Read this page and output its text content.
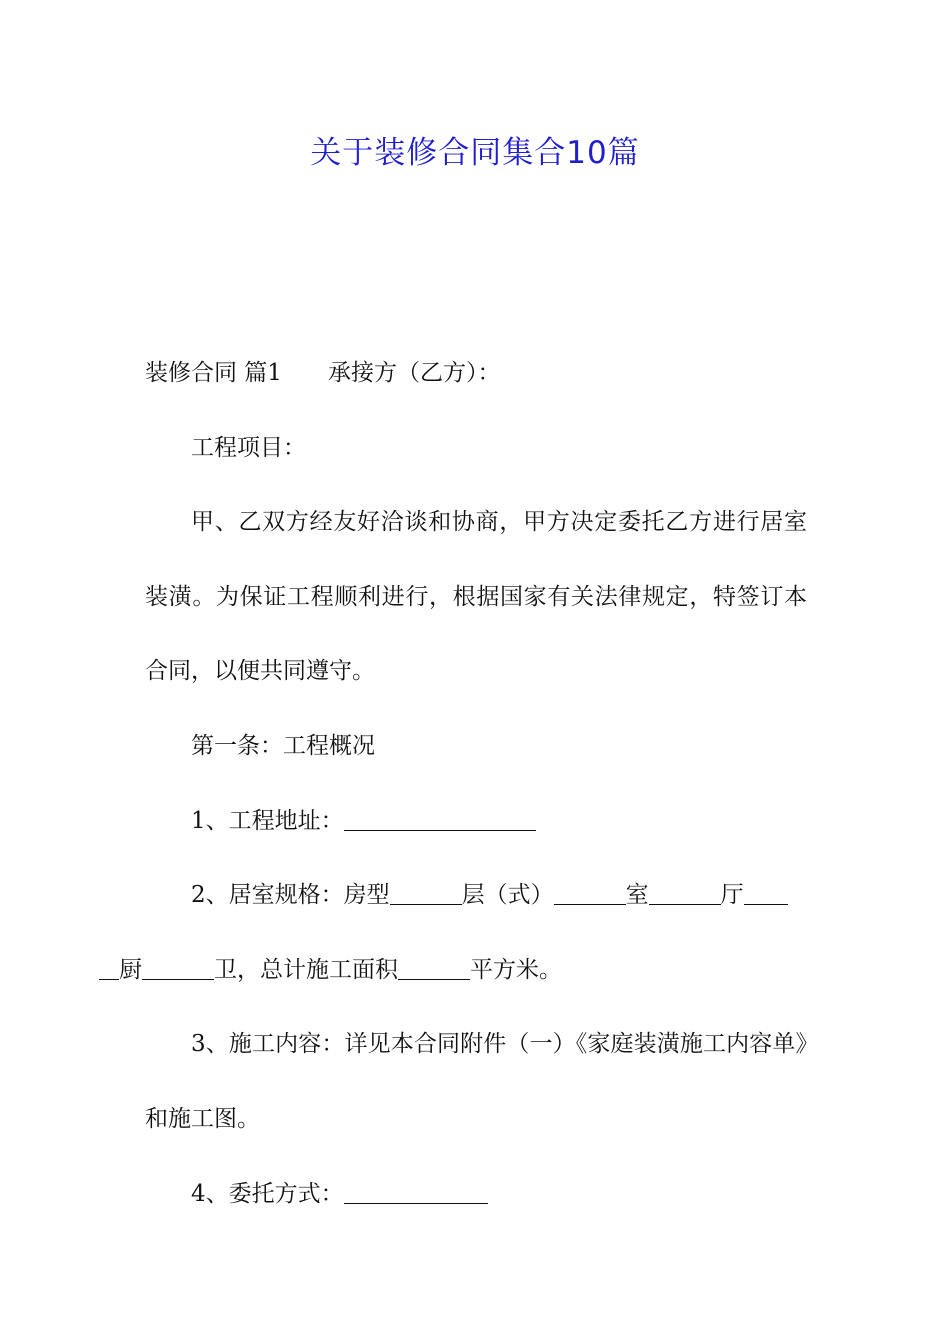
关于装修合同集合10篇

装修合同 篇1 承接方（乙方）：

工程项目：

甲、乙双方经友好洽谈和协商，甲方决定委托乙方进行居室装潢。为保证工程顺利进行，根据国家有关法律规定，特签订本合同，以便共同遵守。

第一条：工程概况

1、工程地址：

2、居室规格：房型	层（式）	室	厅
厨	卫，总计施工面积	平方米。

3、施工内容：详见本合同附件（一）《家庭装潢施工内容单》和施工图。

4、委托方式：
